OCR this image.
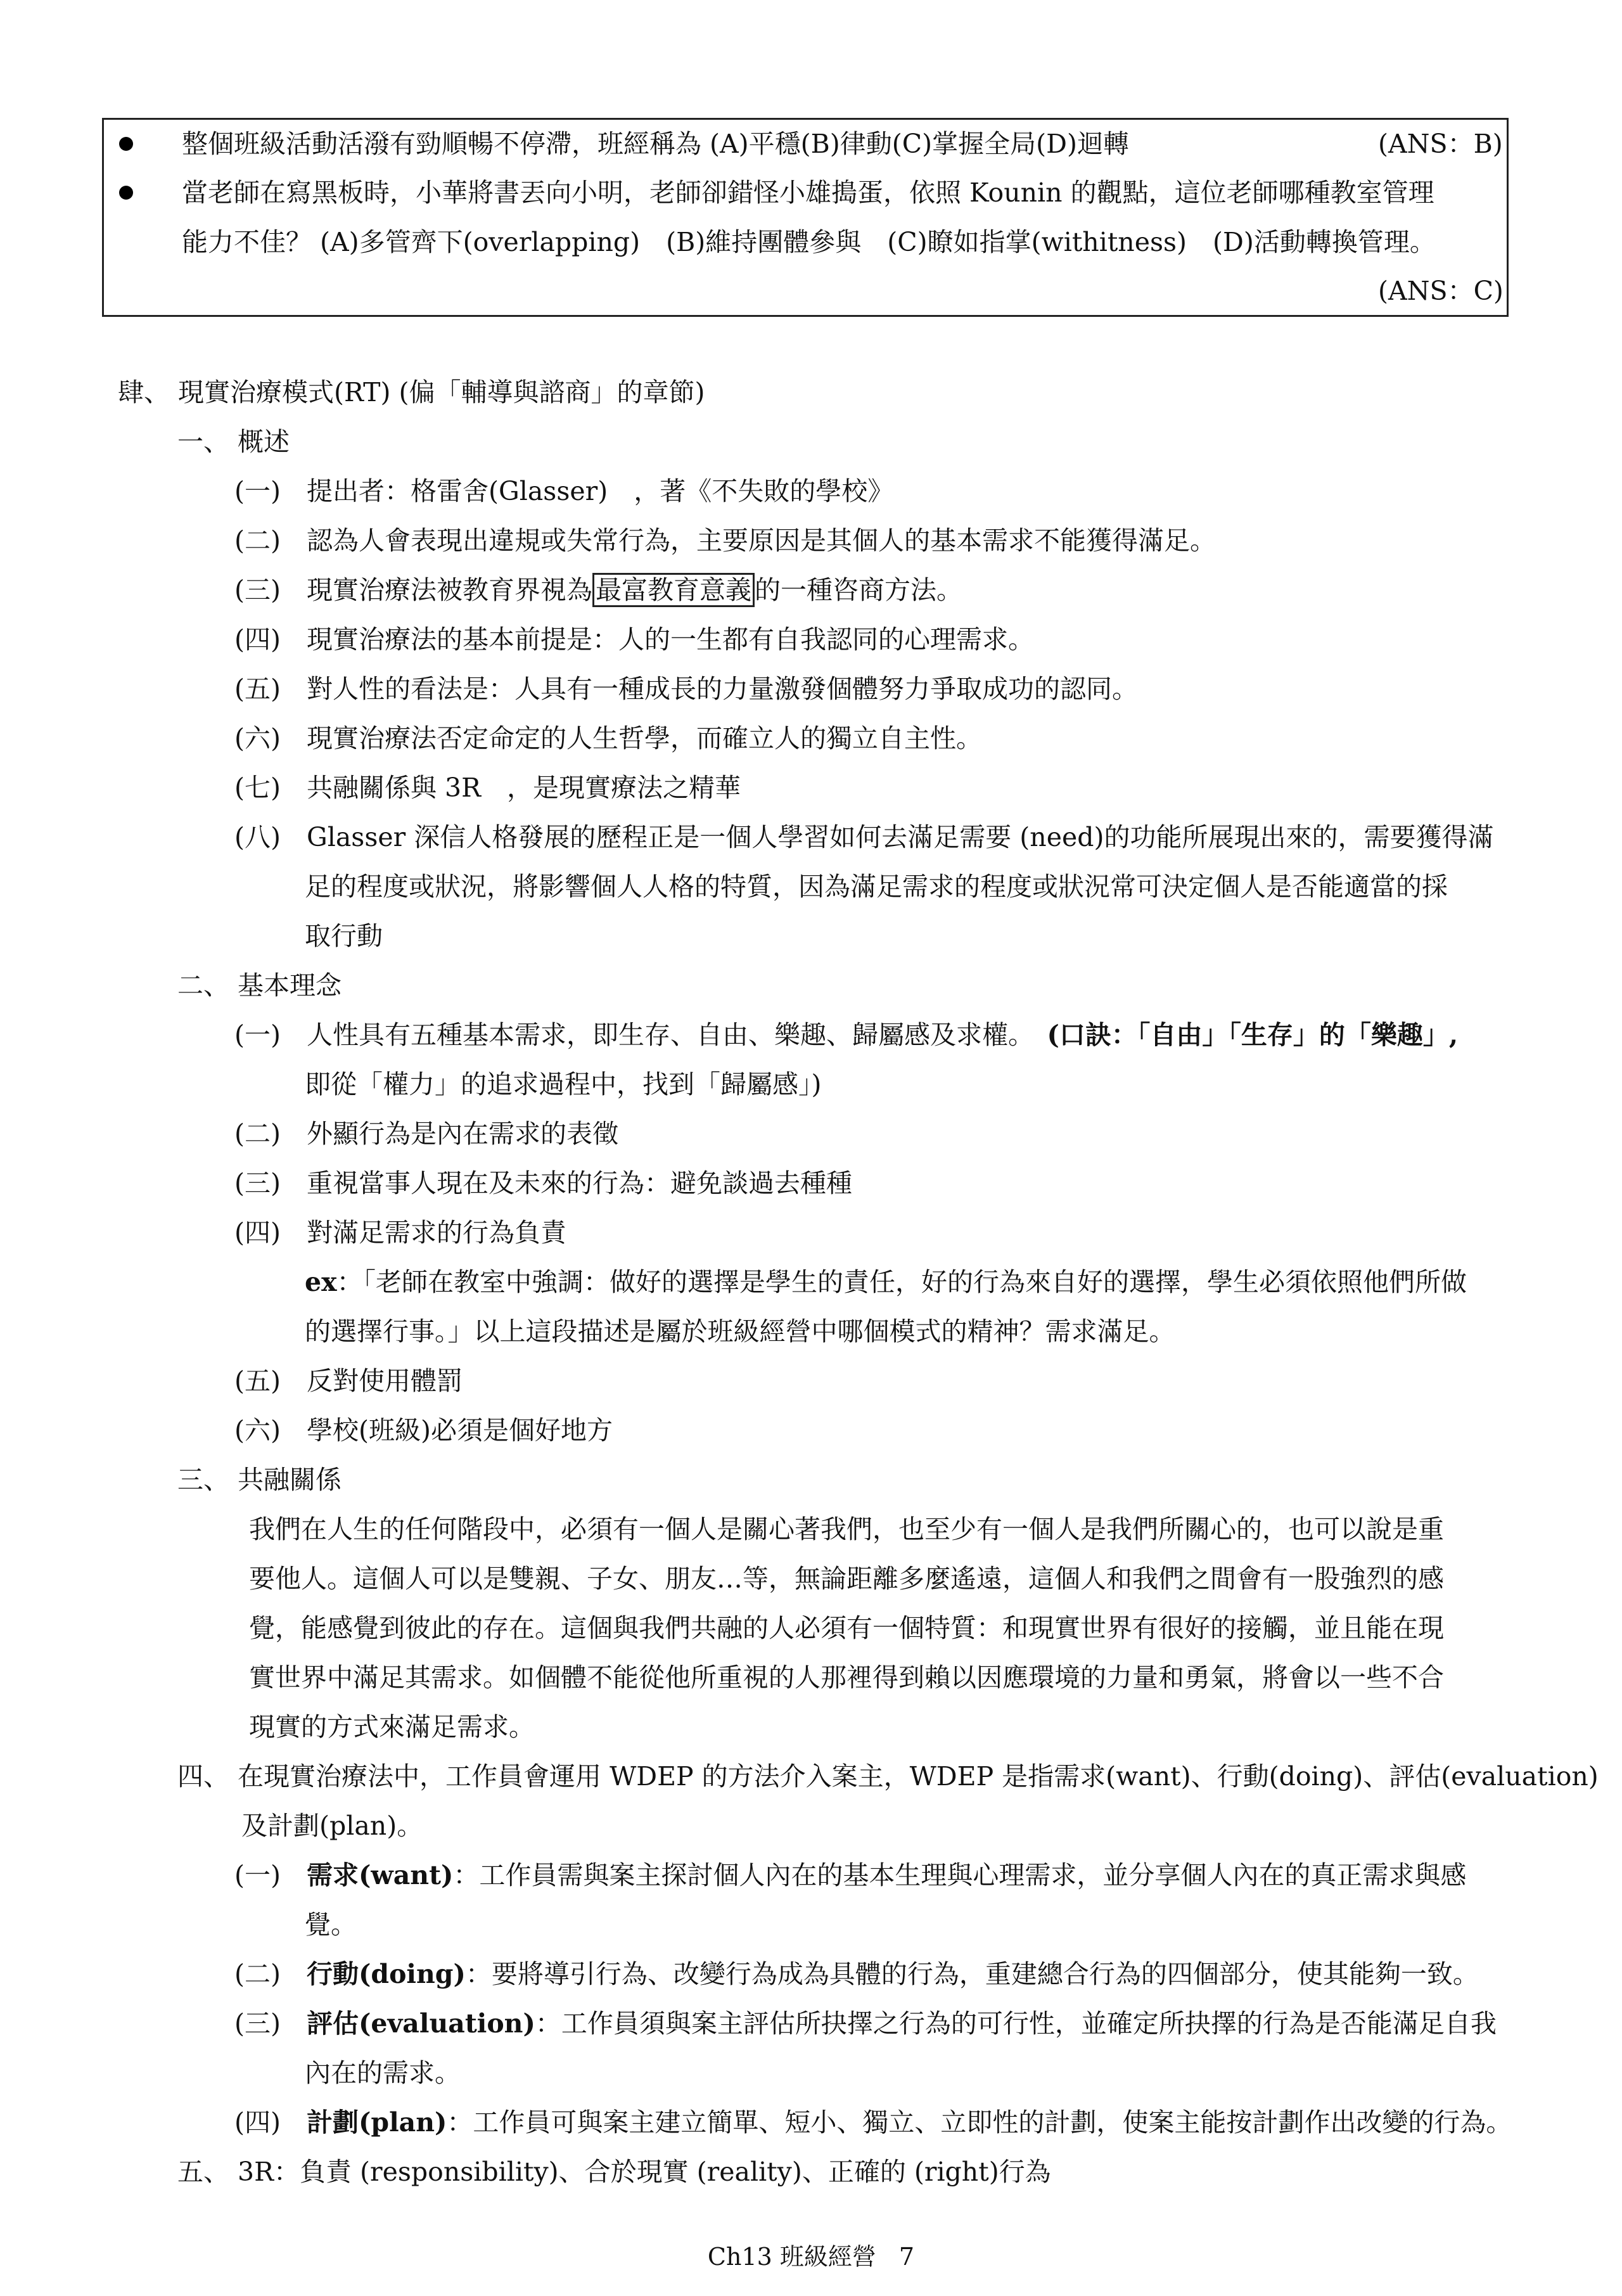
整個班級活動活潑有勁順暢不停滯，班經稱為 (A)平穩(B)律動(C)掌握全局(D)迴轉	(ANS：B)
當老師在寫黑板時，小華將書丟向小明，老師卻錯怪小雄搗蛋，依照 Kounin 的觀點，這位老師哪種教室管理
能力不佳？ (A)多管齊下(overlapping)　(B)維持團體參與　(C)瞭如指掌(withitness)　(D)活動轉換管理。
(ANS：C)
肆、 現實治療模式(RT) (偏「輔導與諮商」的章節)
一、 概述
(一)　提出者：格雷舍(Glasser)　，著《不失敗的學校》
(二)　認為人會表現出違規或失常行為，主要原因是其個人的基本需求不能獲得滿足。
(三)　現實治療法被教育界視為 最富教育意義 的一種咨商方法。
(四)　現實治療法的基本前提是：人的一生都有自我認同的心理需求。
(五)　對人性的看法是：人具有一種成長的力量激發個體努力爭取成功的認同。
(六)　現實治療法否定命定的人生哲學，而確立人的獨立自主性。
(七)　共融關係與 3R　，是現實療法之精華
(八)　Glasser 深信人格發展的歷程正是一個人學習如何去滿足需要 (need)的功能所展現出來的，需要獲得滿
足的程度或狀況，將影響個人人格的特質，因為滿足需求的程度或狀況常可決定個人是否能適當的採
取行動
二、 基本理念
(一)　人性具有五種基本需求，即生存、自由、樂趣、歸屬感及求權。　(口訣：「自由」「生存」的「樂趣」,
即從「權力」的追求過程中，找到「歸屬感」)
(二)　外顯行為是內在需求的表徵
(三)　重視當事人現在及未來的行為：避免談過去種種
(四)　對滿足需求的行為負責
ex：「老師在教室中強調：做好的選擇是學生的責任，好的行為來自好的選擇，學生必須依照他們所做
的選擇行事。」以上這段描述是屬於班級經營中哪個模式的精神？需求滿足。
(五)　反對使用體罰
(六)　學校(班級)必須是個好地方
三、 共融關係
我們在人生的任何階段中，必須有一個人是關心著我們，也至少有一個人是我們所關心的，也可以說是重
要他人。這個人可以是雙親、子女、朋友…等，無論距離多麼遙遠，這個人和我們之間會有一股強烈的感
覺，能感覺到彼此的存在。這個與我們共融的人必須有一個特質：和現實世界有很好的接觸，並且能在現
實世界中滿足其需求。如個體不能從他所重視的人那裡得到賴以因應環境的力量和勇氣，將會以一些不合
現實的方式來滿足需求。
四、 在現實治療法中，工作員會運用 WDEP 的方法介入案主，WDEP 是指需求(want)、行動(doing)、評估(evaluation)
及計劃(plan)。
(一)　需求(want)：工作員需與案主探討個人內在的基本生理與心理需求，並分享個人內在的真正需求與感
覺。
(二)　行動(doing)：要將導引行為、改變行為成為具體的行為，重建總合行為的四個部分，使其能夠一致。
(三)　評估(evaluation)：工作員須與案主評估所抉擇之行為的可行性，並確定所抉擇的行為是否能滿足自我
內在的需求。
(四)　計劃(plan)：工作員可與案主建立簡單、短小、獨立、立即性的計劃，使案主能按計劃作出改變的行為。
五、 3R：負責 (responsibility)、合於現實 (reality)、正確的 (right)行為
Ch13 班級經營 7
